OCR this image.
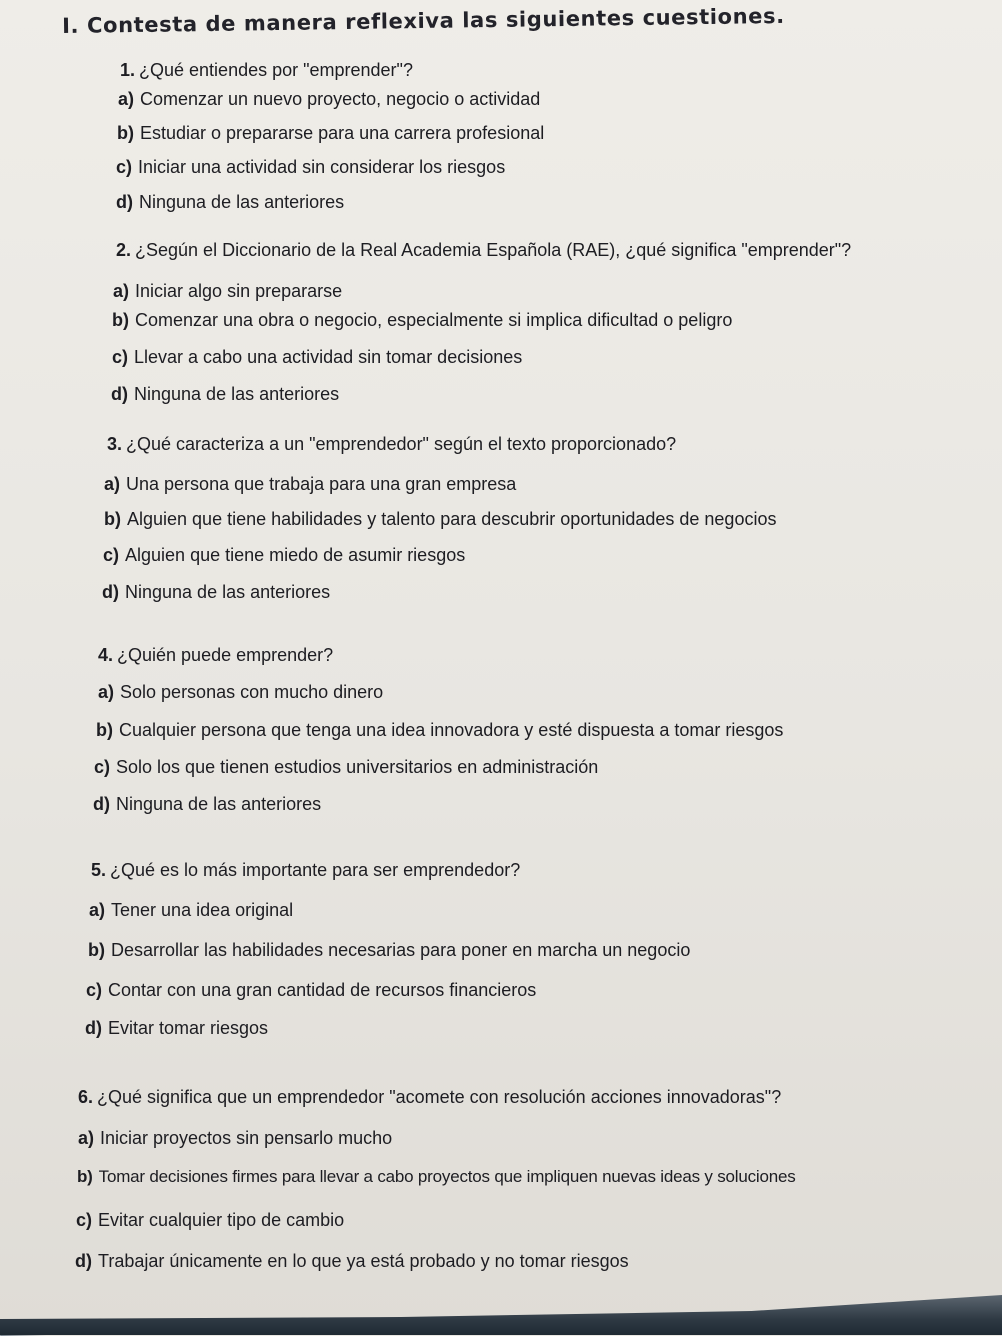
I. Contesta de manera reflexiva las siguientes cuestiones.
1. ¿Qué entiendes por "emprender"?
a) Comenzar un nuevo proyecto, negocio o actividad
b) Estudiar o prepararse para una carrera profesional
c) Iniciar una actividad sin considerar los riesgos
d) Ninguna de las anteriores
2. ¿Según el Diccionario de la Real Academia Española (RAE), ¿qué significa "emprender"?
a) Iniciar algo sin prepararse
b) Comenzar una obra o negocio, especialmente si implica dificultad o peligro
c) Llevar a cabo una actividad sin tomar decisiones
d) Ninguna de las anteriores
3. ¿Qué caracteriza a un "emprendedor" según el texto proporcionado?
a) Una persona que trabaja para una gran empresa
b) Alguien que tiene habilidades y talento para descubrir oportunidades de negocios
c) Alguien que tiene miedo de asumir riesgos
d) Ninguna de las anteriores
4. ¿Quién puede emprender?
a) Solo personas con mucho dinero
b) Cualquier persona que tenga una idea innovadora y esté dispuesta a tomar riesgos
c) Solo los que tienen estudios universitarios en administración
d) Ninguna de las anteriores
5. ¿Qué es lo más importante para ser emprendedor?
a) Tener una idea original
b) Desarrollar las habilidades necesarias para poner en marcha un negocio
c) Contar con una gran cantidad de recursos financieros
d) Evitar tomar riesgos
6. ¿Qué significa que un emprendedor "acomete con resolución acciones innovadoras"?
a) Iniciar proyectos sin pensarlo mucho
b) Tomar decisiones firmes para llevar a cabo proyectos que impliquen nuevas ideas y soluciones
c) Evitar cualquier tipo de cambio
d) Trabajar únicamente en lo que ya está probado y no tomar riesgos
